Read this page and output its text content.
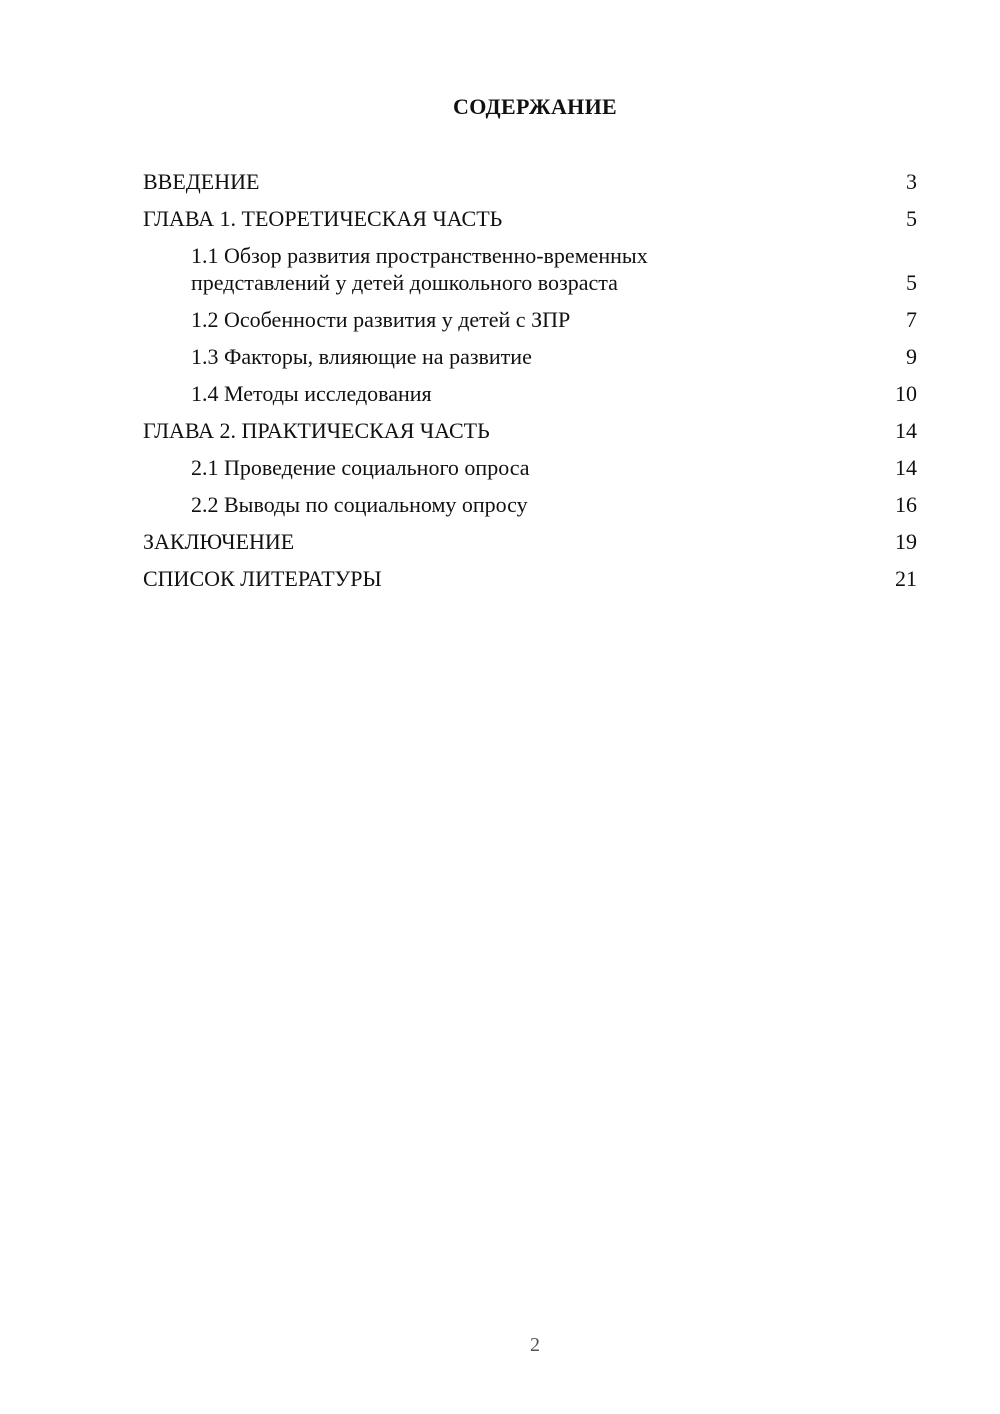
СОДЕРЖАНИЕ
ВВЕДЕНИЕ	3
ГЛАВА 1. ТЕОРЕТИЧЕСКАЯ ЧАСТЬ	5
1.1 Обзор развития пространственно-временных представлений у детей дошкольного возраста	5
1.2 Особенности развития у детей с ЗПР	7
1.3 Факторы, влияющие на развитие	9
1.4 Методы исследования	10
ГЛАВА 2. ПРАКТИЧЕСКАЯ ЧАСТЬ	14
2.1 Проведение социального опроса	14
2.2 Выводы по социальному опросу	16
ЗАКЛЮЧЕНИЕ	19
СПИСОК ЛИТЕРАТУРЫ	21
2
